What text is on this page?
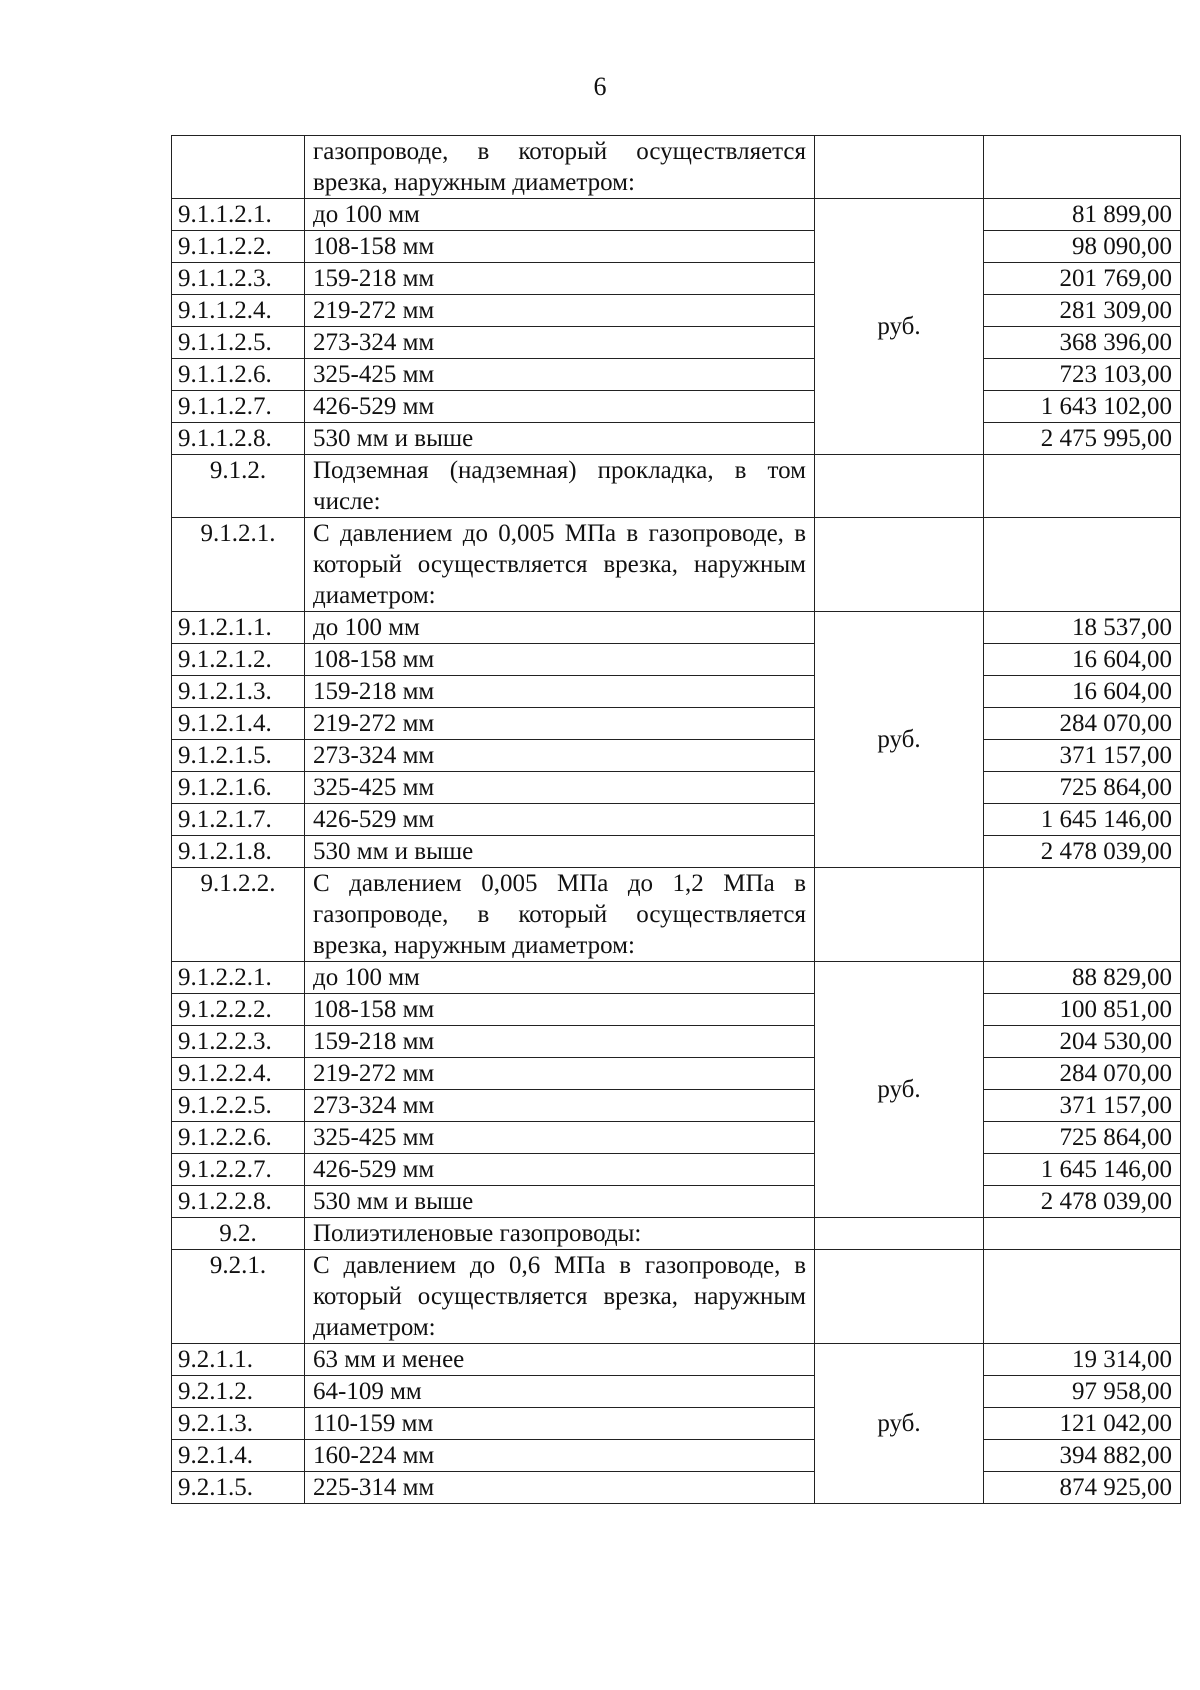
6
	газопроводе, в который осуществляется врезка, наружным диаметром:		
9.1.1.2.1.	до 100 мм	руб.	81 899,00
9.1.1.2.2.	108-158 мм		98 090,00
9.1.1.2.3.	159-218 мм		201 769,00
9.1.1.2.4.	219-272 мм		281 309,00
9.1.1.2.5.	273-324 мм		368 396,00
9.1.1.2.6.	325-425 мм		723 103,00
9.1.1.2.7.	426-529 мм		1 643 102,00
9.1.1.2.8.	530 мм и выше		2 475 995,00
9.1.2.	Подземная (надземная) прокладка, в том числе:		
9.1.2.1.	С давлением до 0,005 МПа в газопроводе, в который осуществляется врезка, наружным диаметром:		
9.1.2.1.1.	до 100 мм	руб.	18 537,00
9.1.2.1.2.	108-158 мм		16 604,00
9.1.2.1.3.	159-218 мм		16 604,00
9.1.2.1.4.	219-272 мм		284 070,00
9.1.2.1.5.	273-324 мм		371 157,00
9.1.2.1.6.	325-425 мм		725 864,00
9.1.2.1.7.	426-529 мм		1 645 146,00
9.1.2.1.8.	530 мм и выше		2 478 039,00
9.1.2.2.	С давлением 0,005 МПа до 1,2 МПа в газопроводе, в который осуществляется врезка, наружным диаметром:		
9.1.2.2.1.	до 100 мм	руб.	88 829,00
9.1.2.2.2.	108-158 мм		100 851,00
9.1.2.2.3.	159-218 мм		204 530,00
9.1.2.2.4.	219-272 мм		284 070,00
9.1.2.2.5.	273-324 мм		371 157,00
9.1.2.2.6.	325-425 мм		725 864,00
9.1.2.2.7.	426-529 мм		1 645 146,00
9.1.2.2.8.	530 мм и выше		2 478 039,00
9.2.	Полиэтиленовые газопроводы:		
9.2.1.	С давлением до 0,6 МПа в газопроводе, в который осуществляется врезка, наружным диаметром:		
9.2.1.1.	63 мм и менее	руб.	19 314,00
9.2.1.2.	64-109 мм		97 958,00
9.2.1.3.	110-159 мм		121 042,00
9.2.1.4.	160-224 мм		394 882,00
9.2.1.5.	225-314 мм		874 925,00
